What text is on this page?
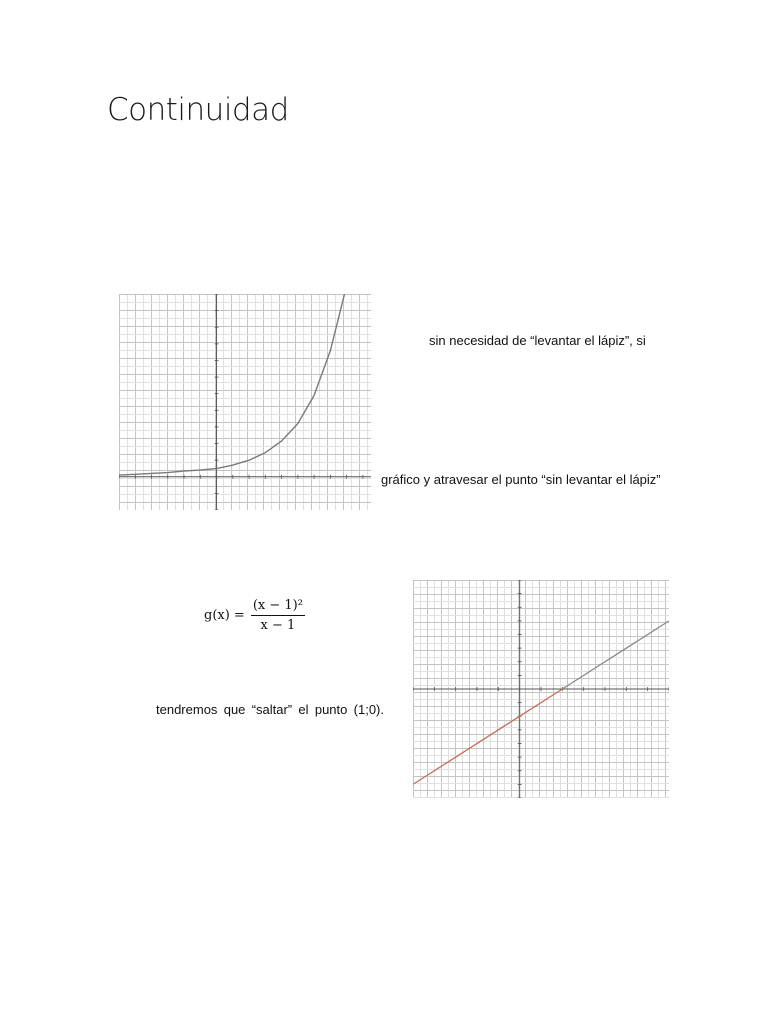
Continuidad
sin necesidad de “levantar el lápiz”, si
gráfico y atravesar el punto “sin levantar el lápiz”
$g(x) = \frac{\text{(x − 1)²}}{x - 1}$
tendremos que “saltar” el punto (1;0).
